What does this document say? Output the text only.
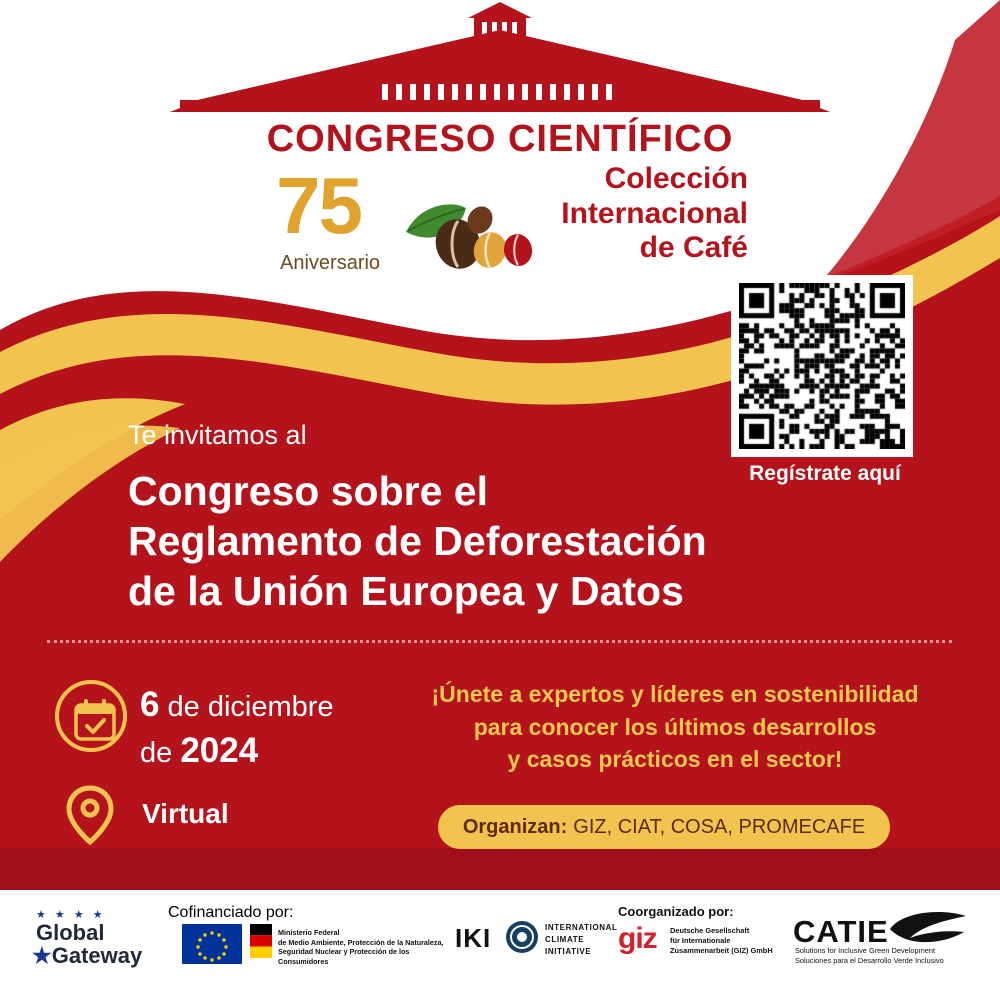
CONGRESO CIENTÍFICO
75
Aniversario
Colección
Internacional
de Café
Regístrate aquí
Te invitamos al
Congreso sobre el
Reglamento de Deforestación
de la Unión Europea y Datos
6 de diciembre
de 2024
Virtual
¡Únete a expertos y líderes en sostenibilidad
para conocer los últimos desarrollos
y casos prácticos en el sector!
Organizan: GIZ, CIAT, COSA, PROMECAFE
★ ★ ★ ★
Global
★Gateway
Cofinanciado por:
Ministerio Federal
de Medio Ambiente, Protección de la Naturaleza,
Seguridad Nuclear y Protección de los Consumidores
IKI	INTERNATIONAL
CLIMATE
INITIATIVE
Coorganizado por:
giz Deutsche Gesellschaft
für Internationale
Zusammenarbeit (GIZ) GmbH
CATIE
Solutions for Inclusive Green Development
Soluciones para el Desarrollo Verde Inclusivo
